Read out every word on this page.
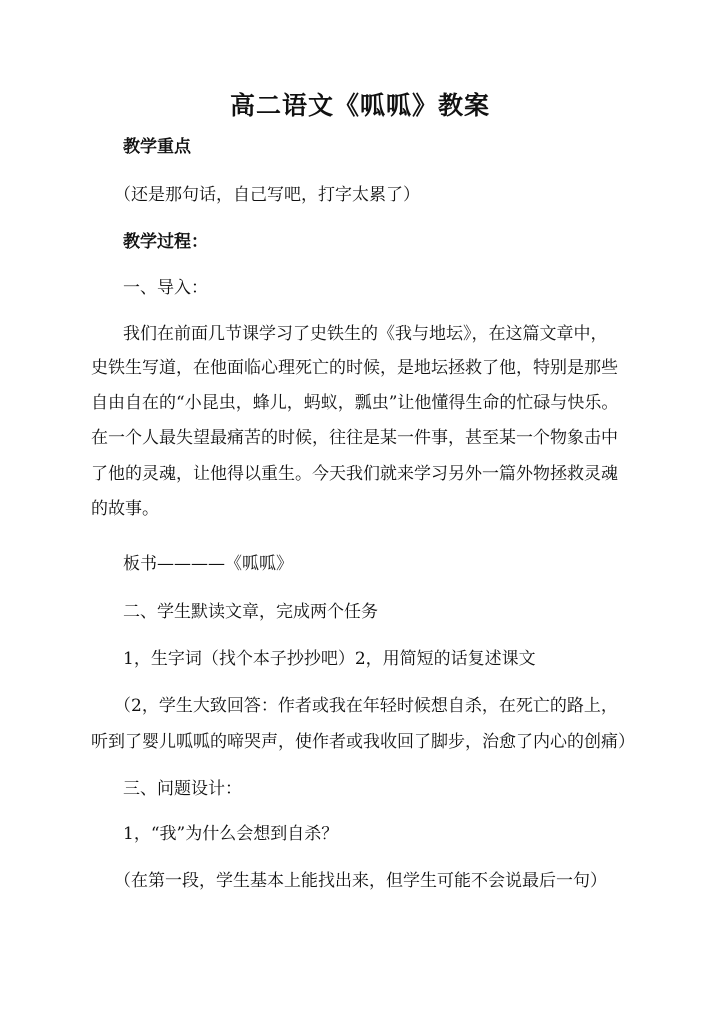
高二语文《呱呱》教案
教学重点
（还是那句话，自己写吧，打字太累了）
教学过程：
一、导入：
我们在前面几节课学习了史铁生的《我与地坛》，在这篇文章中，
史铁生写道，在他面临心理死亡的时候，是地坛拯救了他，特别是那些
自由自在的“小昆虫，蜂儿，蚂蚁，瓢虫”让他懂得生命的忙碌与快乐。
在一个人最失望最痛苦的时候，往往是某一件事，甚至某一个物象击中
了他的灵魂，让他得以重生。今天我们就来学习另外一篇外物拯救灵魂
的故事。
板书————《呱呱》
二、学生默读文章，完成两个任务
1，生字词（找个本子抄抄吧）2，用简短的话复述课文
（2，学生大致回答：作者或我在年轻时候想自杀，在死亡的路上，
听到了婴儿呱呱的啼哭声，使作者或我收回了脚步，治愈了内心的创痛）
三、问题设计：
1，“我”为什么会想到自杀？
（在第一段，学生基本上能找出来，但学生可能不会说最后一句）
